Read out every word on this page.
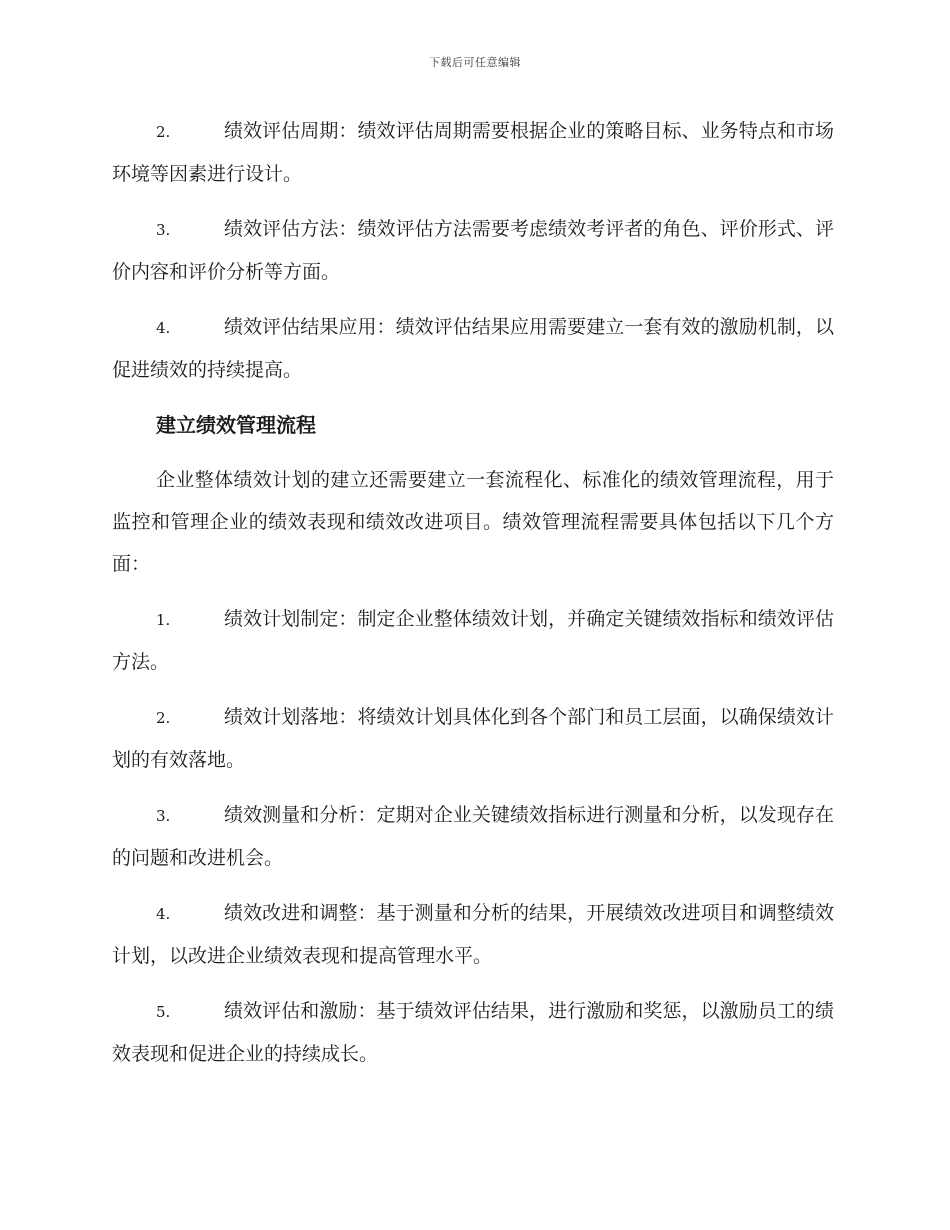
下载后可任意编辑
2.	绩效评估周期：绩效评估周期需要根据企业的策略目标、业务特点和市场环境等因素进行设计。
3.	绩效评估方法：绩效评估方法需要考虑绩效考评者的角色、评价形式、评价内容和评价分析等方面。
4.	绩效评估结果应用：绩效评估结果应用需要建立一套有效的激励机制，以促进绩效的持续提高。
建立绩效管理流程
企业整体绩效计划的建立还需要建立一套流程化、标准化的绩效管理流程，用于监控和管理企业的绩效表现和绩效改进项目。绩效管理流程需要具体包括以下几个方面：
1.	绩效计划制定：制定企业整体绩效计划，并确定关键绩效指标和绩效评估方法。
2.	绩效计划落地：将绩效计划具体化到各个部门和员工层面，以确保绩效计划的有效落地。
3.	绩效测量和分析：定期对企业关键绩效指标进行测量和分析，以发现存在的问题和改进机会。
4.	绩效改进和调整：基于测量和分析的结果，开展绩效改进项目和调整绩效计划，以改进企业绩效表现和提高管理水平。
5.	绩效评估和激励：基于绩效评估结果，进行激励和奖惩，以激励员工的绩效表现和促进企业的持续成长。
